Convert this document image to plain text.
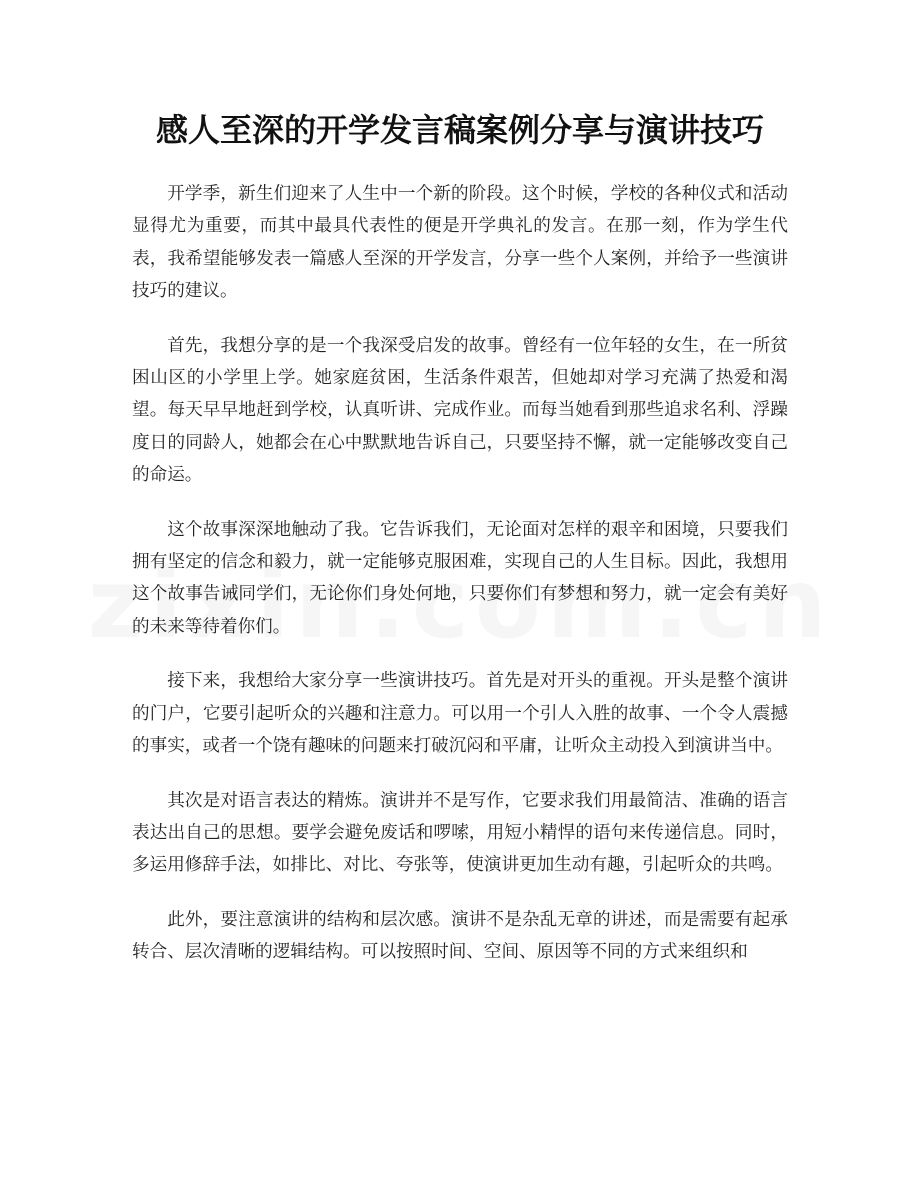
感人至深的开学发言稿案例分享与演讲技巧

开学季，新生们迎来了人生中一个新的阶段。这个时候，学校的各种仪式和活动显得尤为重要，而其中最具代表性的便是开学典礼的发言。在那一刻，作为学生代表，我希望能够发表一篇感人至深的开学发言，分享一些个人案例，并给予一些演讲技巧的建议。

首先，我想分享的是一个我深受启发的故事。曾经有一位年轻的女生，在一所贫困山区的小学里上学。她家庭贫困，生活条件艰苦，但她却对学习充满了热爱和渴望。每天早早地赶到学校，认真听讲、完成作业。而每当她看到那些追求名利、浮躁度日的同龄人，她都会在心中默默地告诉自己，只要坚持不懈，就一定能够改变自己的命运。

这个故事深深地触动了我。它告诉我们，无论面对怎样的艰辛和困境，只要我们拥有坚定的信念和毅力，就一定能够克服困难，实现自己的人生目标。因此，我想用这个故事告诫同学们，无论你们身处何地，只要你们有梦想和努力，就一定会有美好的未来等待着你们。

接下来，我想给大家分享一些演讲技巧。首先是对开头的重视。开头是整个演讲的门户，它要引起听众的兴趣和注意力。可以用一个引人入胜的故事、一个令人震撼的事实，或者一个饶有趣味的问题来打破沉闷和平庸，让听众主动投入到演讲当中。

其次是对语言表达的精炼。演讲并不是写作，它要求我们用最简洁、准确的语言表达出自己的思想。要学会避免废话和啰嗦，用短小精悍的语句来传递信息。同时，多运用修辞手法，如排比、对比、夸张等，使演讲更加生动有趣，引起听众的共鸣。

此外，要注意演讲的结构和层次感。演讲不是杂乱无章的讲述，而是需要有起承转合、层次清晰的逻辑结构。可以按照时间、空间、原因等不同的方式来组织和
